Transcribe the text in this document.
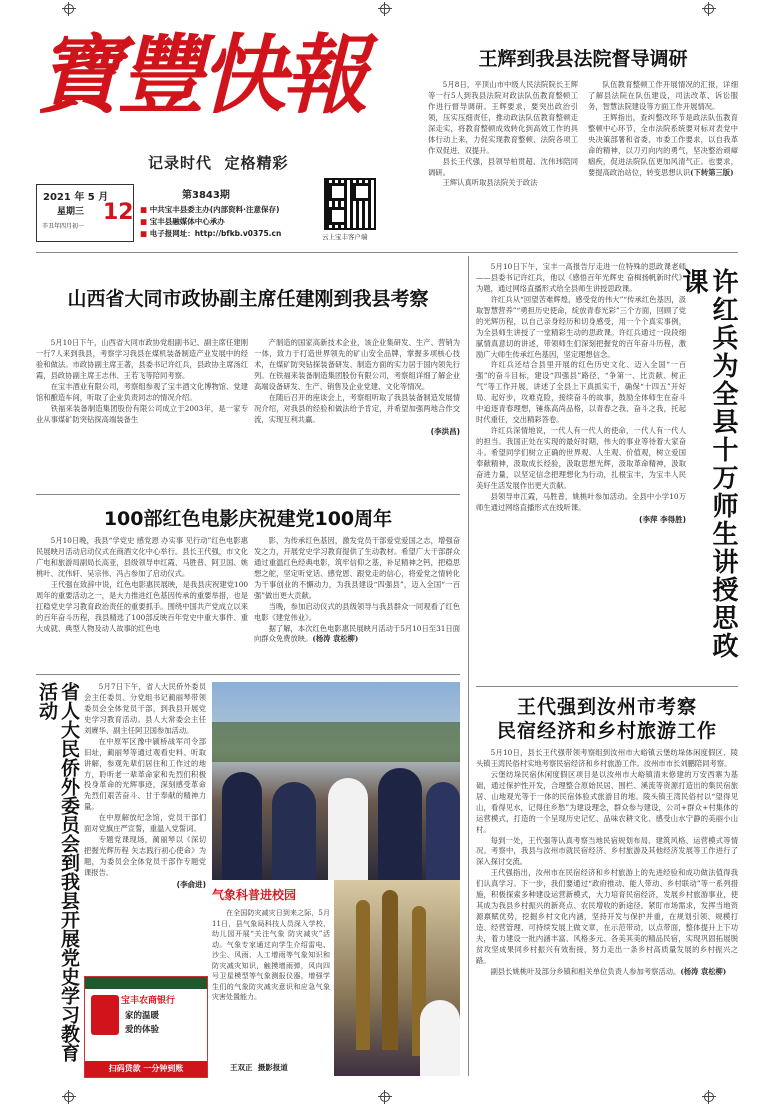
寶豐快報
记录时代  定格精彩
第3843期
2021 年 5 月
星期三
辛丑年四月初一
12 ■ 中共宝丰县委主办(内部资料·注意保存)
■ 宝丰县融媒体中心承办
■ 电子报网址：http://bfkb.v0375.cn	云上宝丰客户端
王辉到我县法院督导调研

5月8日，平顶山市中级人民法院院长王辉等一行5人到我县法院对政法队伍教育整顿工作进行督导调研。王辉要求，要突出政治引领，压实压细责任，推动政法队伍教育整顿走深走实，将教育整顿成效转化到高效工作的具体行动上来，力促实现教育整顿、法院各项工作双促进、双提升。

县长王代强，县领导柏贯超、沈伟玮陪同调研。

王辉认真听取县法院关于政法

队伍教育整顿工作开展情况的汇报，详细了解县法院在队伍建设，司法改革、诉讼服务，智慧法院建设等方面工作开展情况。

王辉指出，查纠整改环节是政法队伍教育整顿中心环节，全市法院系统要对标对表党中央决策部署和省委、市委工作要求，以自我革命的精神，以刀刃向内的勇气，坚决整治顽瘴痼疾，促进法院队伍更加风清气正。也要求，要提高政治站位，转变思想认识(下转第三版)

山西省大同市政协副主席任建刚到我县考察

5月10日下午，山西省大同市政协党组副书记、副主席任建刚一行7人来到我县，考察学习我县在煤机装备制造产业发展中的经验和做法。市政协副主席王著，县委书记许红兵，县政协主席汤红霞，县政协副主席王志伟、王若飞等陪同考察。

在宝丰酒业有限公司，考察组参观了宝丰酒文化博物馆、党建馆和酿造车间，听取了企业负责同志的情况介绍。

铁福来装备制造集团股份有限公司成立于2003年，是一家专业从事煤矿防突钻探高端装备生

产制造的国家高新技术企业，该企业集研发、生产、营销为一体，致力于打造世界领先的矿山安全品牌，掌握多项核心技术，在煤矿防突钻探装备研发、制造方面的实力居于国内领先行列。在铁福来装备制造集团股份有限公司，考察组详细了解企业高端设备研发、生产、销售及企业党建、文化等情况。

在随后召开的座谈会上，考察组听取了我县装备制造发展情况介绍，对我县的经验和做法给予肯定，并希望加强两地合作交流，实现互利共赢。

(李洪昌)
100部红色电影庆祝建党100周年

5月10日晚，我县“学党史 感党恩 办实事 见行动”红色电影惠民展映月活动启动仪式在商酒文化中心举行。县长王代强，市文化广电和旅游局副局长高亚，县级领导申红霞、马胜普、阿卫国、姚桃叶、沈伟轩、吴宗伟、冯占参加了启动仪式。

王代强在致辞中说，红色电影惠民展映，是我县庆祝建党100周年的重要活动之一，是大力推进红色基因传承的重要举措，也是扛稳党史学习教育政治责任的重要抓手。围绕中国共产党成立以来的百年奋斗历程，我县精选了100部反映百年党史中重大事件、重大成就、典型人物及动人故事的红色电

影，为传承红色基因，激发党员干部爱党爱国之志，增强奋发之力，开展党史学习教育提供了生动教材。希望广大干部群众通过重温红色经典电影，筑牢信仰之基，补足精神之钙，把稳思想之舵，坚定听党话、感党恩、跟党走的信心，将爱党之情转化为干事创业的不懈动力，为我县建设“四强县”，迈入全国“一百强”做出更大贡献。

当晚，参加启动仪式的县级领导与我县群众一同观看了红色电影《建党伟业》。

据了解，本次红色电影惠民展映月活动于5月10日至31日面向群众免费放映。(杨涛 袁松柳)

省人大民侨外委员会到我县开展党史学习教育活动	5月7日下午，省人大民侨外委员会主任委员、分党组书记蔺丽琴带领委员会全体党员干部，到我县开展党史学习教育活动。县人大常委会主任刘赓华、副主任阿卫国参加活动。

在中原军区豫中颍桥战军司令部旧址，蔺丽琴等通过观看史料、听取讲解，参观先辈们居住和工作过的地方，聆听老一辈革命家和先烈们积极投身革命的光辉事迹，深刻感受革命先烈们艰苦奋斗、甘于奉献的精神力量。

在中原解放纪念馆，党员干部们面对党旗庄严宣誓，重温入党誓词。

专题党课现场，蔺丽琴以《深切把握光辉历程 矢志践行初心使命》为题，为委员会全体党员干部作专题党课报告。

(李俞进)
宝丰农商银行
家的温暖
爱的体验
扫码贷款 一分钟到账
气象科普进校园

在全国防灾减灾日到来之际，5月11日，县气象局科技人员深入学校、幼儿园开展“关注气象 防灾减灾”活动。气象专家通过向学生介绍雷电、沙尘、风雨、人工增雨等气象知识和防灾减灾知识，触摸增雨弹，风向四号卫星模型等气象测报仪器，增强学生们的气象防灾减灾意识和应急气象灾害处置能力。

王双正  摄影报道

5月10日下午，宝丰一高报告厅走进一位特殊的思政课老师——县委书记许红兵，他以《感悟百年光辉史 奋楫扬帆新时代》为题，通过网络直播形式给全县师生讲授思政课。

许红兵从“回望苦难辉煌，感受党的伟大”“传承红色基因，汲取智慧营养”“勇担历史使命，绽放青春光彩”三个方面，回顾了党的光辉历程，以自己亲身经历和切身感受，用一个个真实事例，为全县师生讲授了一堂精彩生动的思政课。许红兵通过一段段细腻情真意切的讲述，带领师生们深刻把握党的百年奋斗历程，激励广大师生传承红色基因，坚定理想信念。

许红兵还结合县里开展的红色历史文化、迈入全国“一百强”的奋斗目标，建设“四强县”路径，“争第一、比贡献、树正气”等工作开展，讲述了全县上下真抓实干，确保“十四五”开好局、起好步，攻难克险，接续奋斗的故事，鼓励全体师生在奋斗中追逐青春理想，锤炼高尚品格，以青春之我、奋斗之我，托起时代重任，交出精彩答卷。

许红兵深情地说，一代人有一代人的使命，一代人有一代人的担当。我国正处在实现的最好时期，伟大的事业等待着大家奋斗。希望同学们树立正确的世界观、人生观、价值观，树立爱国奉献精神，汲取成长经验，汲取思想光辉，汲取革命精神，汲取奋进力量，以坚定信念把理想化为行动，扎根宝丰，为宝丰人民美好生活发展作出更大贡献。

县领导申江霞，马胜普，姚桃叶参加活动。全县中小学10万师生通过网络直播形式在线听课。

(李萍 李得胜) 许红兵为全县十万师生讲授思政课
王代强到汝州市考察
民宿经济和乡村旅游工作

5月10日，县长王代强带领考察组到汝州市大峪镇云堡纺垛体闲度假区、陵头镇王湾民俗村实地考察民宿经济和乡村旅游工作。汝州市市长刘鹏陪同考察。

云堡纺垛民宿休闲度假区项目是以汝州市大峪镇清末修建的万安西寨为基础，通过保护性开发，合理整合原始民居、围栏、溪流等资源打造出的集民宿旅居、山地观光等于一体的民宿体验式旅游目的地。陵头镇王湾民俗村以“望得见山，看得见水，记得住乡愁”为建设理念，群众参与建设，公司+群众+村集体的运营模式，打造的一个呈现历史记忆、品味农耕文化、感受山水宁静的美丽小山村。

每到一处，王代强等认真考察当地民宿规划布局、建筑风格、运营模式等情况。考察中，我县与汝州市就民宿经济、乡村旅游及其他经济发展等工作进行了深入探讨交流。

王代强指出，汝州市在民宿经济和乡村旅游上的先进经验和成功做法值得我们认真学习。下一步，我们要通过“政府推动、能人带动、乡村联动”等一系列措施，积极探索多种建设运营新模式，大力培育民宿经济，发展乡村旅游事业，使其成为我县乡村振兴的新亮点、农民增收的新途径。紧盯市场需求，发挥当地资源禀赋优势，挖掘乡村文化内涵，坚持开发与保护并重，在规划引领、规模打造、经营管理、可持续发展上做文章，在示范带动，以点带面，整体提升上下功夫，着力建设一批内涵丰富、风格多元、各美其美的精品民宿，实现巩固拓展脱贫攻坚成果同乡村振兴有效衔接，努力走出一条乡村高质量发展的乡村振兴之路。

副县长姚桃叶及部分乡镇和相关单位负责人参加考察活动。(杨涛 袁松柳)
